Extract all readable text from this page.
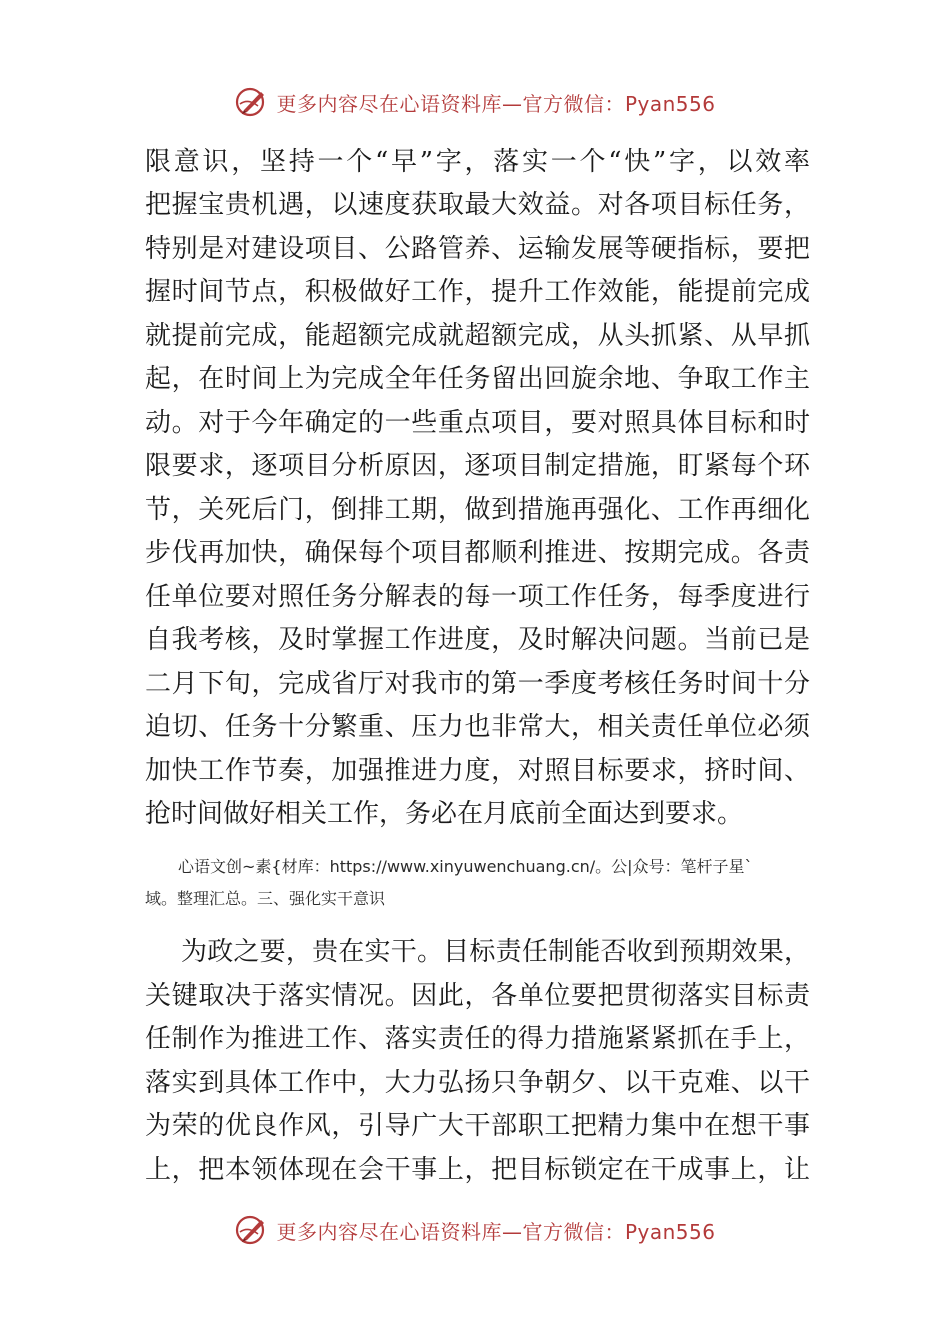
更多内容尽在心语资料库—官方微信：Pyan556
限意识，坚持一个“早”字，落实一个“快”字，以效率
把握宝贵机遇，以速度获取最大效益。对各项目标任务，
特别是对建设项目、公路管养、运输发展等硬指标，要把
握时间节点，积极做好工作，提升工作效能，能提前完成
就提前完成，能超额完成就超额完成，从头抓紧、从早抓
起，在时间上为完成全年任务留出回旋余地、争取工作主
动。对于今年确定的一些重点项目，要对照具体目标和时
限要求，逐项目分析原因，逐项目制定措施，盯紧每个环
节，关死后门，倒排工期，做到措施再强化、工作再细化
步伐再加快，确保每个项目都顺利推进、按期完成。各责
任单位要对照任务分解表的每一项工作任务，每季度进行
自我考核，及时掌握工作进度，及时解决问题。当前已是
二月下旬，完成省厅对我市的第一季度考核任务时间十分
迫切、任务十分繁重、压力也非常大，相关责任单位必须
加快工作节奏，加强推进力度，对照目标要求，挤时间、
抢时间做好相关工作，务必在月底前全面达到要求。
心语文创~素{材库：https://www.xinyuwenchuang.cn/。公|众号：笔杆子星`
域。整理汇总。三、强化实干意识
为政之要，贵在实干。目标责任制能否收到预期效果，
关键取决于落实情况。因此，各单位要把贯彻落实目标责
任制作为推进工作、落实责任的得力措施紧紧抓在手上，
落实到具体工作中，大力弘扬只争朝夕、以干克难、以干
为荣的优良作风，引导广大干部职工把精力集中在想干事
上，把本领体现在会干事上，把目标锁定在干成事上，让
更多内容尽在心语资料库—官方微信：Pyan556
